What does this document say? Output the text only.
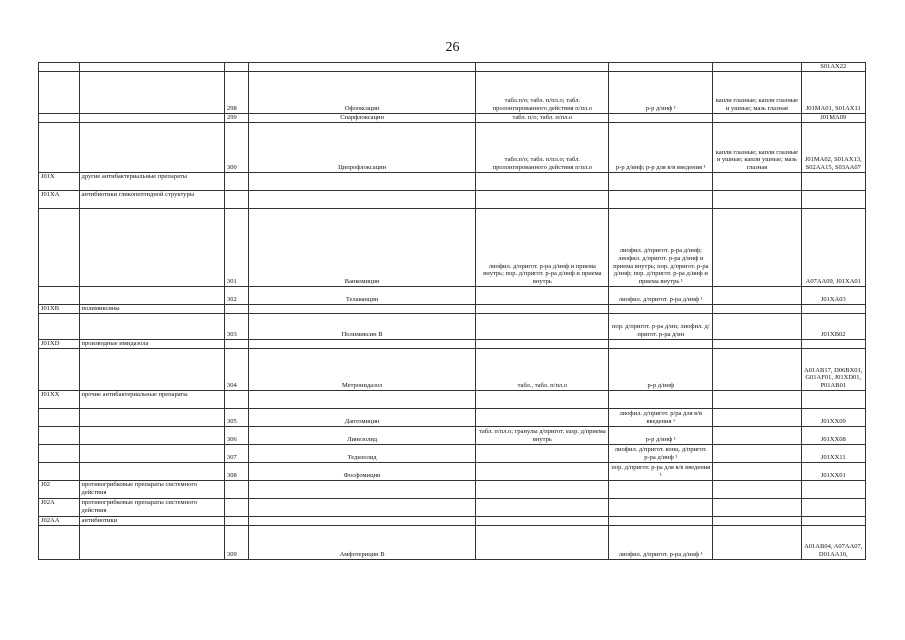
26
							S01AX22
		298	Офлоксацин	табл.п/о; табл. п/пл.о; табл. пролонгированного действия п/пл.о	р-р д/инф ¹	капли глазные; капли глазные и ушные; мазь глазная	J01MA01, S01AX11
		299	Спарфлоксацин	табл. п/о; табл. п/пл.о			J01MA09
		300	Ципрофлоксацин	табл.п/о; табл. п/пл.о; табл. пролонгированного действия п/пл.о	р-р д/инф; р-р для в/в введения ¹	капли глазные; капли глазные и ушные; капли ушные; мазь глазная	J01MA02, S01AX13, S02AA15, S03AA07
J01X	другие антибактериальные препараты						
J01XA	антибиотики гликопептидной структуры						
		301	Ванкомицин	лиофил. д/пригот. р-ра д/инф и приема внутрь; пор. д/пригот. р-ра д/инф и приема внутрь	лиофил. д/пригот. р-ра д/инф; лиофил. д/пригот. р-ра д/инф и приема внутрь; пор. д/пригот. р-ра д/инф; пор. д/пригот. р-ра д/инф и приема внутрь ¹		A07AA09, J01XA01
		302	Телаванцин		лиофил. д/пригот. р-ра д/инф ¹		J01XA03
J01XB	полимиксины						
		303	Полимиксин В		пор. д/пригот. р-ра д/ин; лиофил. д/пригот. р-ра д/ин		J01XB02
J01XD	производные имидазола						
		304	Метронидазол	табл., табл. п/пл.о	р-р д/инф		A01AB17, D06BX01, G01AF01, J01XD01, P01AB01
J01XX	прочие антибактериальные препараты						
		305	Даптомицин		лиофил. д/пригот. р/ра для в/в введения ¹		J01XX09
		306	Линезолид	табл. п/пл.о; гранулы д/пригот. susp. д/приема внутрь	р-р д/инф ¹		J01XX08
		307	Тедизолид		лиофил. д/пригот. конц. д/пригот. р-ра д/инф ¹		J01XX11
		308	Фосфомицин		пор. д/пригот. р-ра для в/в введения ¹		J01XX01
J02	противогрибковые препараты системного действия						
J02A	противогрибковые препараты системного действия						
J02AA	антибиотики						
		309	Амфотерицин В		лиофил. д/пригот. р-ра д/инф ¹		A01AB04, A07AA07, D01AA10,
